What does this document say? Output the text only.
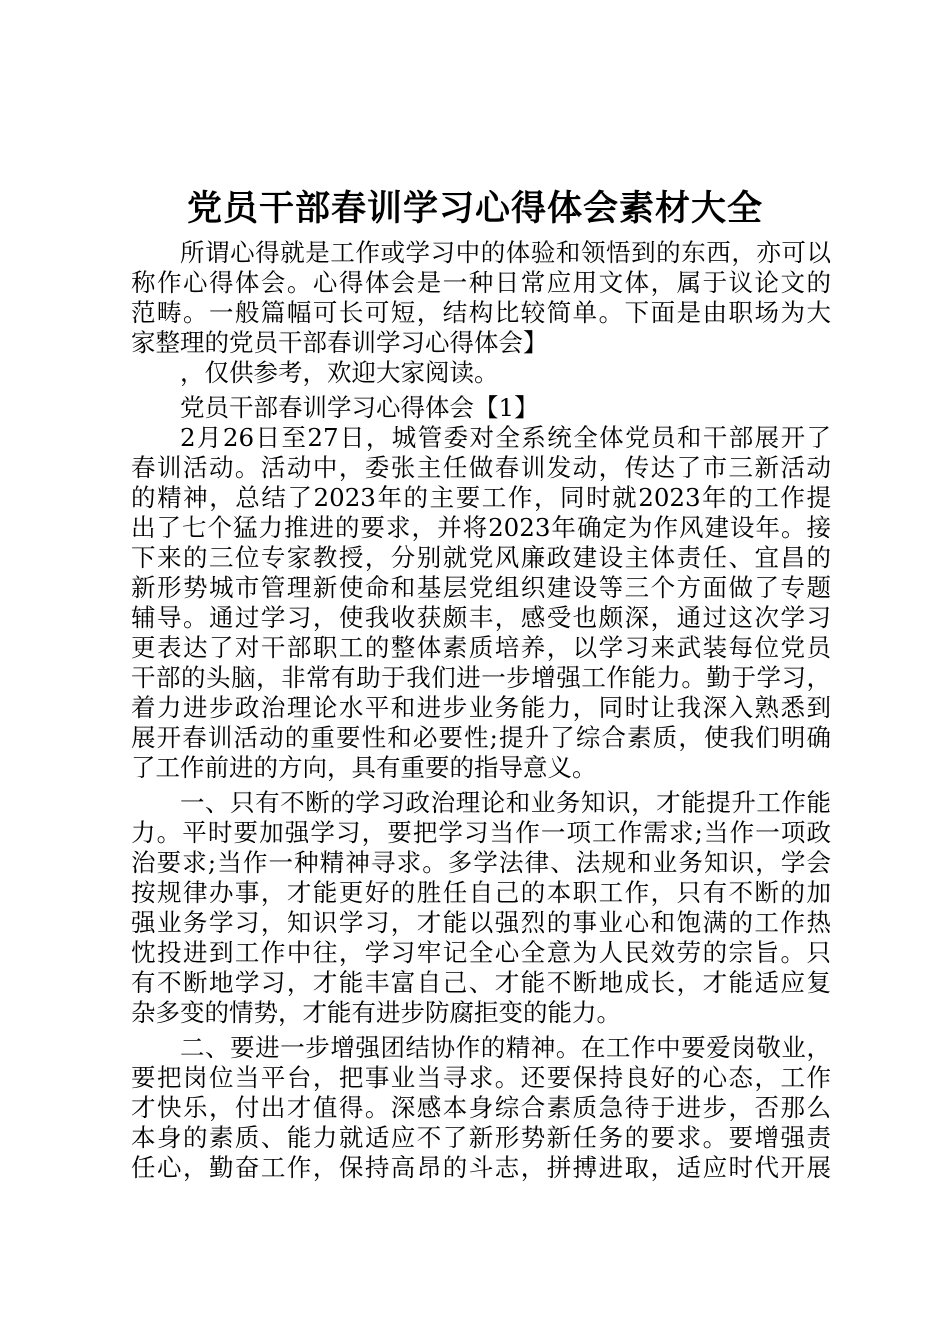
党员干部春训学习心得体会素材大全
所谓心得就是工作或学习中的体验和领悟到的东西，亦可以
称作心得体会。心得体会是一种日常应用文体，属于议论文的
范畴。一般篇幅可长可短，结构比较简单。下面是由职场为大
家整理的党员干部春训学习心得体会】
，仅供参考，欢迎大家阅读。
党员干部春训学习心得体会【1】
2月26日至27日，城管委对全系统全体党员和干部展开了
春训活动。活动中，委张主任做春训发动，传达了市三新活动
的精神，总结了2023年的主要工作，同时就2023年的工作提
出了七个猛力推进的要求，并将2023年确定为作风建设年。接
下来的三位专家教授，分别就党风廉政建设主体责任、宜昌的
新形势城市管理新使命和基层党组织建设等三个方面做了专题
辅导。通过学习，使我收获颇丰，感受也颇深，通过这次学习
更表达了对干部职工的整体素质培养，以学习来武装每位党员
干部的头脑，非常有助于我们进一步增强工作能力。勤于学习，
着力进步政治理论水平和进步业务能力，同时让我深入熟悉到
展开春训活动的重要性和必要性;提升了综合素质，使我们明确
了工作前进的方向，具有重要的指导意义。
一、只有不断的学习政治理论和业务知识，才能提升工作能
力。平时要加强学习，要把学习当作一项工作需求;当作一项政
治要求;当作一种精神寻求。多学法律、法规和业务知识，学会
按规律办事，才能更好的胜任自己的本职工作，只有不断的加
强业务学习，知识学习，才能以强烈的事业心和饱满的工作热
忱投进到工作中往，学习牢记全心全意为人民效劳的宗旨。只
有不断地学习，才能丰富自己、才能不断地成长，才能适应复
杂多变的情势，才能有进步防腐拒变的能力。
二、要进一步增强团结协作的精神。在工作中要爱岗敬业，
要把岗位当平台，把事业当寻求。还要保持良好的心态，工作
才快乐，付出才值得。深感本身综合素质急待于进步，否那么
本身的素质、能力就适应不了新形势新任务的要求。要增强责
任心，勤奋工作，保持高昂的斗志，拼搏进取，适应时代开展
